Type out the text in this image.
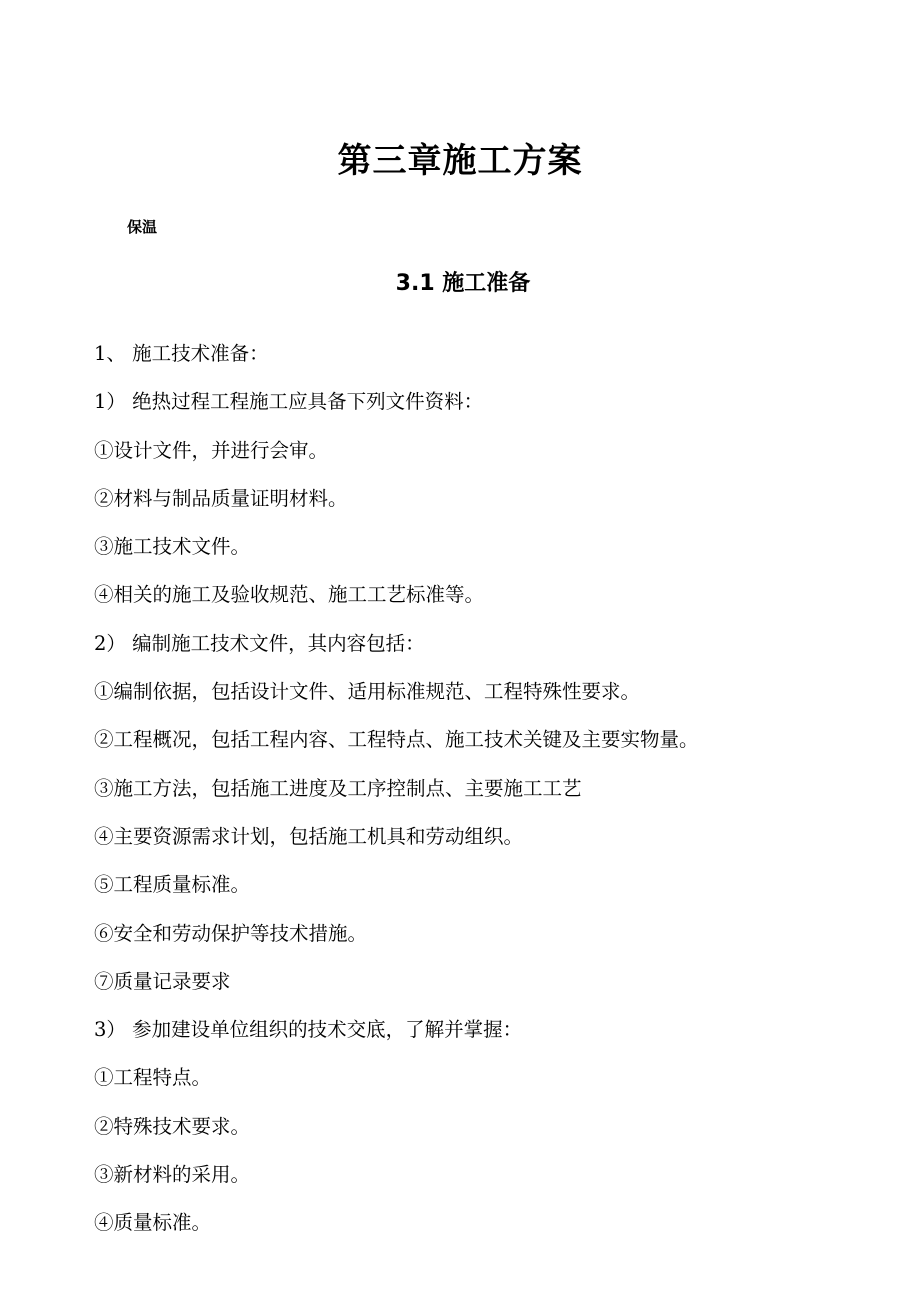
第三章施工方案
保温
3.1 施工准备
1、 施工技术准备：
1） 绝热过程工程施工应具备下列文件资料：
①设计文件，并进行会审。
②材料与制品质量证明材料。
③施工技术文件。
④相关的施工及验收规范、施工工艺标准等。
2） 编制施工技术文件，其内容包括：
①编制依据，包括设计文件、适用标准规范、工程特殊性要求。
②工程概况，包括工程内容、工程特点、施工技术关键及主要实物量。
③施工方法，包括施工进度及工序控制点、主要施工工艺
④主要资源需求计划，包括施工机具和劳动组织。
⑤工程质量标准。
⑥安全和劳动保护等技术措施。
⑦质量记录要求
3） 参加建设单位组织的技术交底，了解并掌握：
①工程特点。
②特殊技术要求。
③新材料的采用。
④质量标准。
